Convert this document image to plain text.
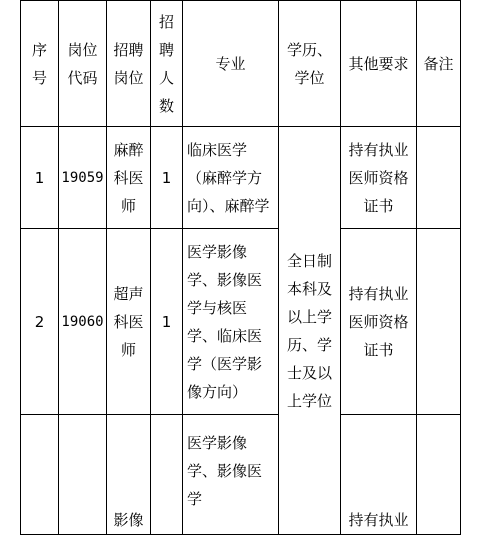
序号	岗位代码	招聘岗位	招聘人数	专业	学历、学位	其他要求	备注

1	19059	麻醉科医师	1	临床医学（麻醉学方向）、麻醉学	全日制本科及以上学历、学士及以上学位	持有执业医师资格证书	

2	19060	超声科医师	1	医学影像学、影像医学与核医学、临床医学（医学影像方向）		持有执业医师资格证书	

		影像		医学影像学、影像医学		持有执业	
